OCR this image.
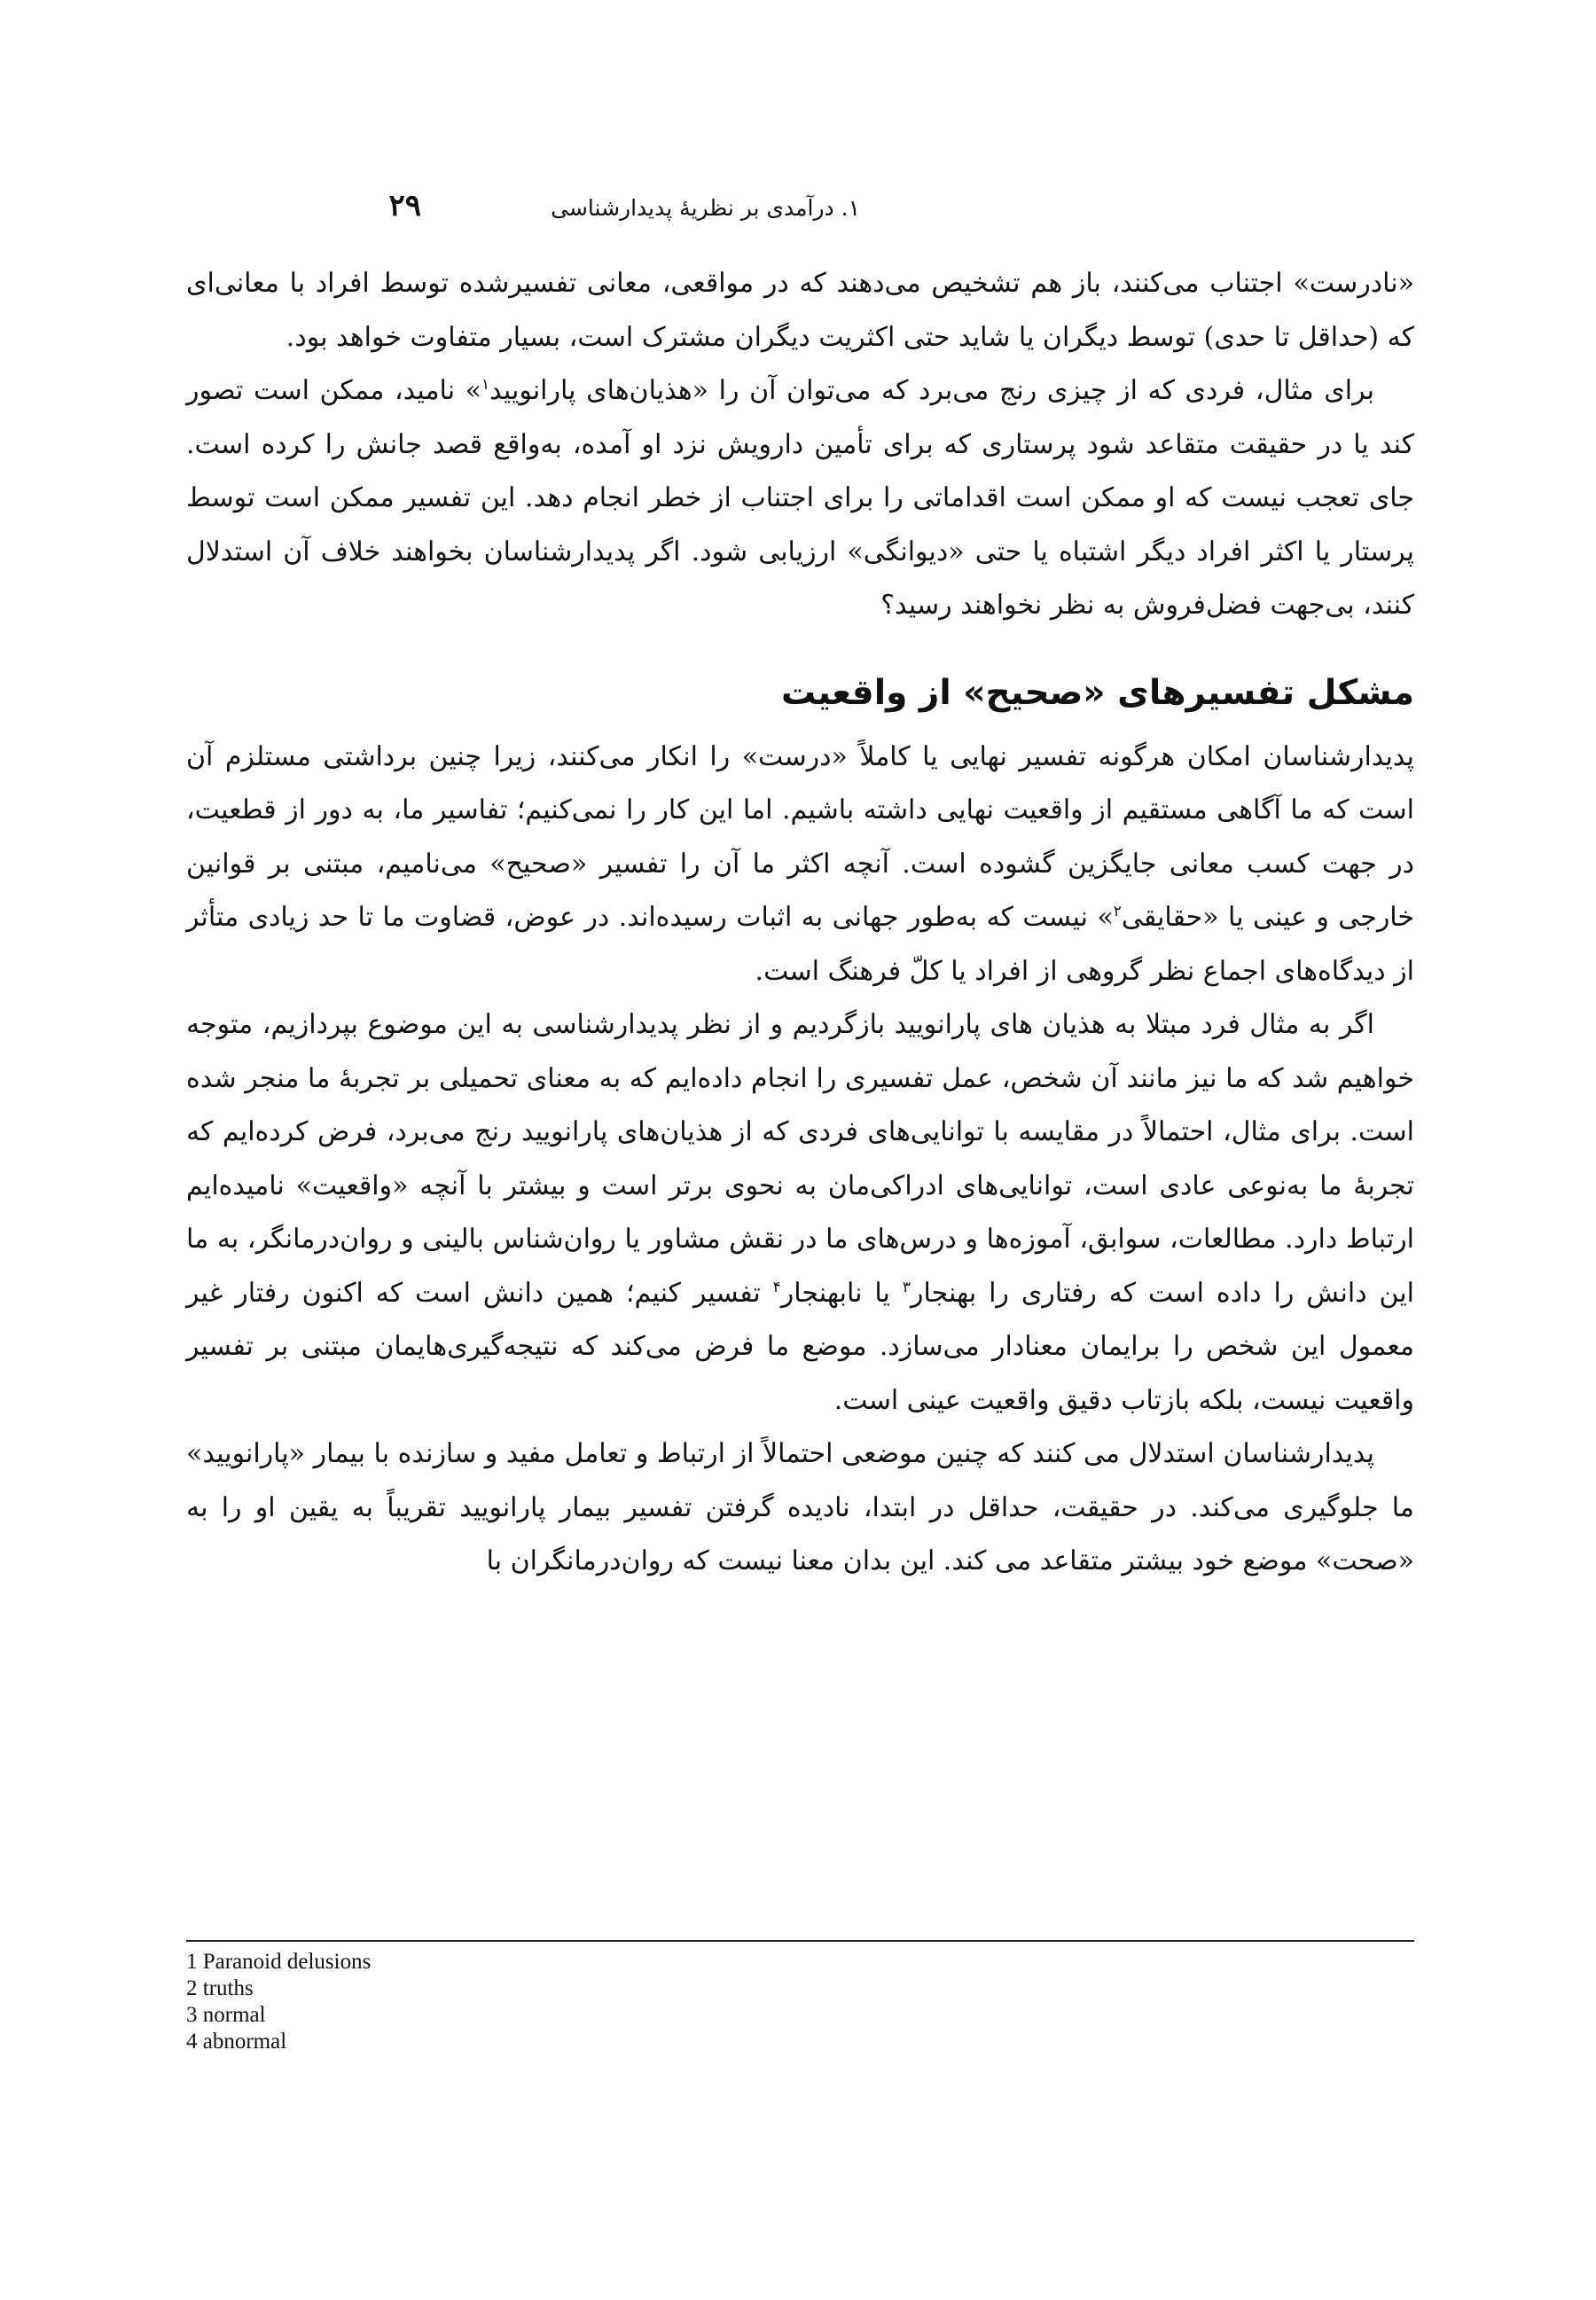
۱. درآمدی بر نظریهٔ پدیدارشناسی
۲۹

«نادرست» اجتناب می‌کنند، باز هم تشخیص می‌دهند که در مواقعی، معانی تفسیرشده توسط افراد با معانی‌ای که (حداقل تا حدی) توسط دیگران یا شاید حتی اکثریت دیگران مشترک است، بسیار متفاوت خواهد بود.

برای مثال، فردی که از چیزی رنج می‌برد که می‌توان آن را «هذیان‌های پارانویید$^۱$» نامید، ممکن است تصور کند یا در حقیقت متقاعد شود پرستاری که برای تأمین دارویش نزد او آمده، به‌واقع قصد جانش را کرده است. جای تعجب نیست که او ممکن است اقداماتی را برای اجتناب از خطر انجام دهد. این تفسیر ممکن است توسط پرستار یا اکثر افراد دیگر اشتباه یا حتی «دیوانگی» ارزیابی شود. اگر پدیدارشناسان بخواهند خلاف آن استدلال کنند، بی‌جهت فضل‌فروش به نظر نخواهند رسید؟

مشکل تفسیرهای «صحیح» از واقعیت

پدیدارشناسان امکان هرگونه تفسیر نهایی یا کاملاً «درست» را انکار می‌کنند، زیرا چنین برداشتی مستلزم آن است که ما آگاهی مستقیم از واقعیت نهایی داشته باشیم. اما این کار را نمی‌کنیم؛ تفاسیر ما، به دور از قطعیت، در جهت کسب معانی جایگزین گشوده است. آنچه اکثر ما آن را تفسیر «صحیح» می‌نامیم، مبتنی بر قوانین خارجی و عینی یا «حقایقی$^۲$» نیست که به‌طور جهانی به اثبات رسیده‌اند. در عوض، قضاوت ما تا حد زیادی متأثر از دیدگاه‌های اجماع نظر گروهی از افراد یا کلّ فرهنگ است.

اگر به مثال فرد مبتلا به هذیان های پارانویید بازگردیم و از نظر پدیدارشناسی به این موضوع بپردازیم، متوجه خواهیم شد که ما نیز مانند آن شخص، عمل تفسیری را انجام داده‌ایم که به معنای تحمیلی بر تجربهٔ ما منجر شده است. برای مثال، احتمالاً در مقایسه با توانایی‌های فردی که از هذیان‌های پارانویید رنج می‌برد، فرض کرده‌ایم که تجربهٔ ما به‌نوعی عادی است، توانایی‌های ادراکی‌مان به نحوی برتر است و بیشتر با آنچه «واقعیت» نامیده‌ایم ارتباط دارد. مطالعات، سوابق، آموزه‌ها و درس‌های ما در نقش مشاور یا روان‌شناس بالینی و روان‌درمانگر، به ما این دانش را داده است که رفتاری را بهنجار$^۳$ یا نابهنجار$^۴$ تفسیر کنیم؛ همین دانش است که اکنون رفتار غیر معمول این شخص را برایمان معنادار می‌سازد. موضع ما فرض می‌کند که نتیجه‌گیری‌هایمان مبتنی بر تفسیر واقعیت نیست، بلکه بازتاب دقیق واقعیت عینی است.

پدیدارشناسان استدلال می کنند که چنین موضعی احتمالاً از ارتباط و تعامل مفید و سازنده با بیمار «پارانویید» ما جلوگیری می‌کند. در حقیقت، حداقل در ابتدا، نادیده گرفتن تفسیر بیمار پارانویید تقریباً به یقین او را به «صحت» موضع خود بیشتر متقاعد می کند. این بدان معنا نیست که روان‌درمانگران با

1 Paranoid delusions
2 truths
3 normal
4 abnormal
